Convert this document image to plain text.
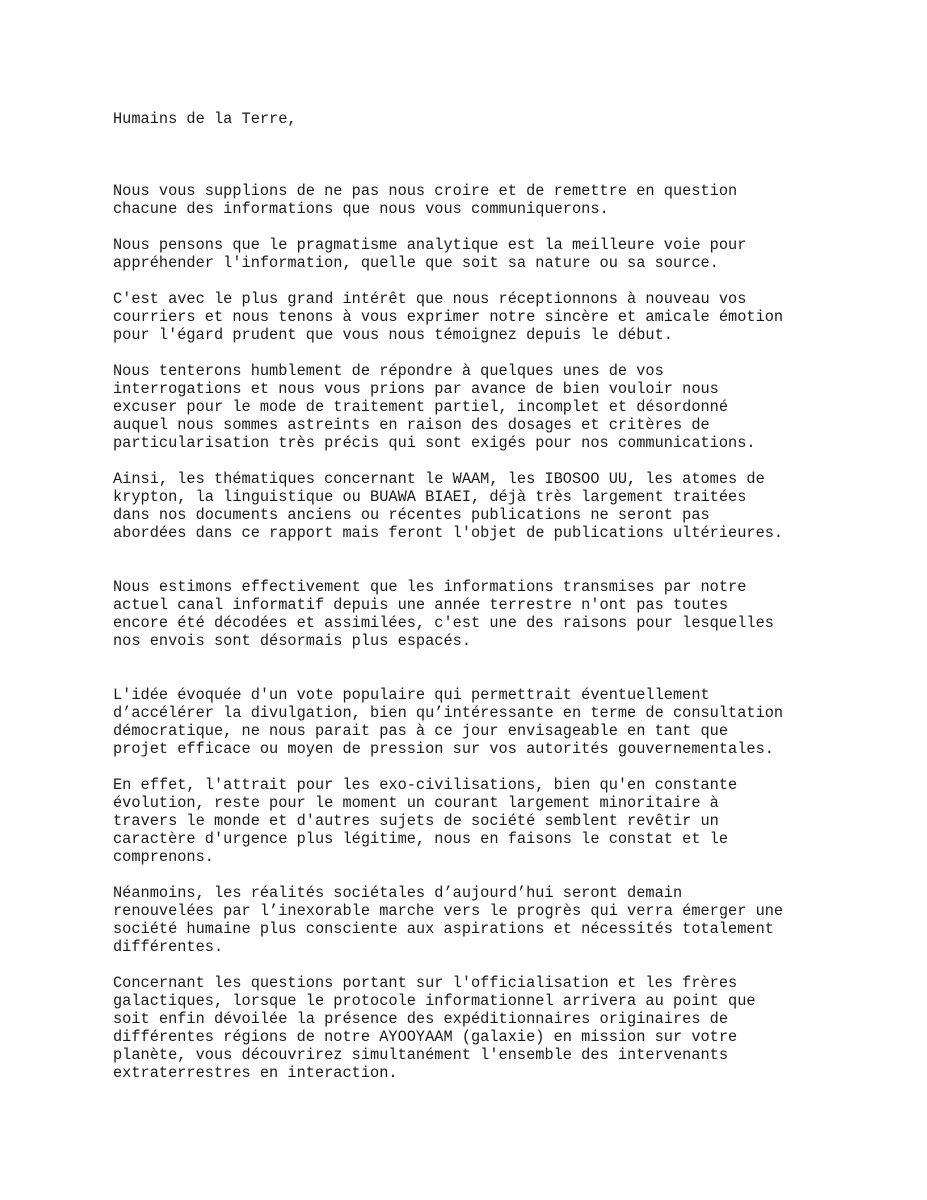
Humains de la Terre,

Nous vous supplions de ne pas nous croire et de remettre en question
chacune des informations que nous vous communiquerons.

Nous pensons que le pragmatisme analytique est la meilleure voie pour
appréhender l'information, quelle que soit sa nature ou sa source.

C'est avec le plus grand intérêt que nous réceptionnons à nouveau vos
courriers et nous tenons à vous exprimer notre sincère et amicale émotion
pour l'égard prudent que vous nous témoignez depuis le début.

Nous tenterons humblement de répondre à quelques unes de vos
interrogations et nous vous prions par avance de bien vouloir nous
excuser pour le mode de traitement partiel, incomplet et désordonné
auquel nous sommes astreints en raison des dosages et critères de
particularisation très précis qui sont exigés pour nos communications.

Ainsi, les thématiques concernant le WAAM, les IBOSOO UU, les atomes de
krypton, la linguistique ou BUAWA BIAEI, déjà très largement traitées
dans nos documents anciens ou récentes publications ne seront pas
abordées dans ce rapport mais feront l'objet de publications ultérieures.

Nous estimons effectivement que les informations transmises par notre
actuel canal informatif depuis une année terrestre n'ont pas toutes
encore été décodées et assimilées, c'est une des raisons pour lesquelles
nos envois sont désormais plus espacés.

L'idée évoquée d'un vote populaire qui permettrait éventuellement
d’accélérer la divulgation, bien qu’intéressante en terme de consultation
démocratique, ne nous parait pas à ce jour envisageable en tant que
projet efficace ou moyen de pression sur vos autorités gouvernementales.

En effet, l'attrait pour les exo-civilisations, bien qu'en constante
évolution, reste pour le moment un courant largement minoritaire à
travers le monde et d'autres sujets de société semblent revêtir un
caractère d'urgence plus légitime, nous en faisons le constat et le
comprenons.

Néanmoins, les réalités sociétales d’aujourd’hui seront demain
renouvelées par l’inexorable marche vers le progrès qui verra émerger une
société humaine plus consciente aux aspirations et nécessités totalement
différentes.

Concernant les questions portant sur l'officialisation et les frères
galactiques, lorsque le protocole informationnel arrivera au point que
soit enfin dévoilée la présence des expéditionnaires originaires de
différentes régions de notre AYOOYAAM (galaxie) en mission sur votre
planète, vous découvrirez simultanément l'ensemble des intervenants
extraterrestres en interaction.
